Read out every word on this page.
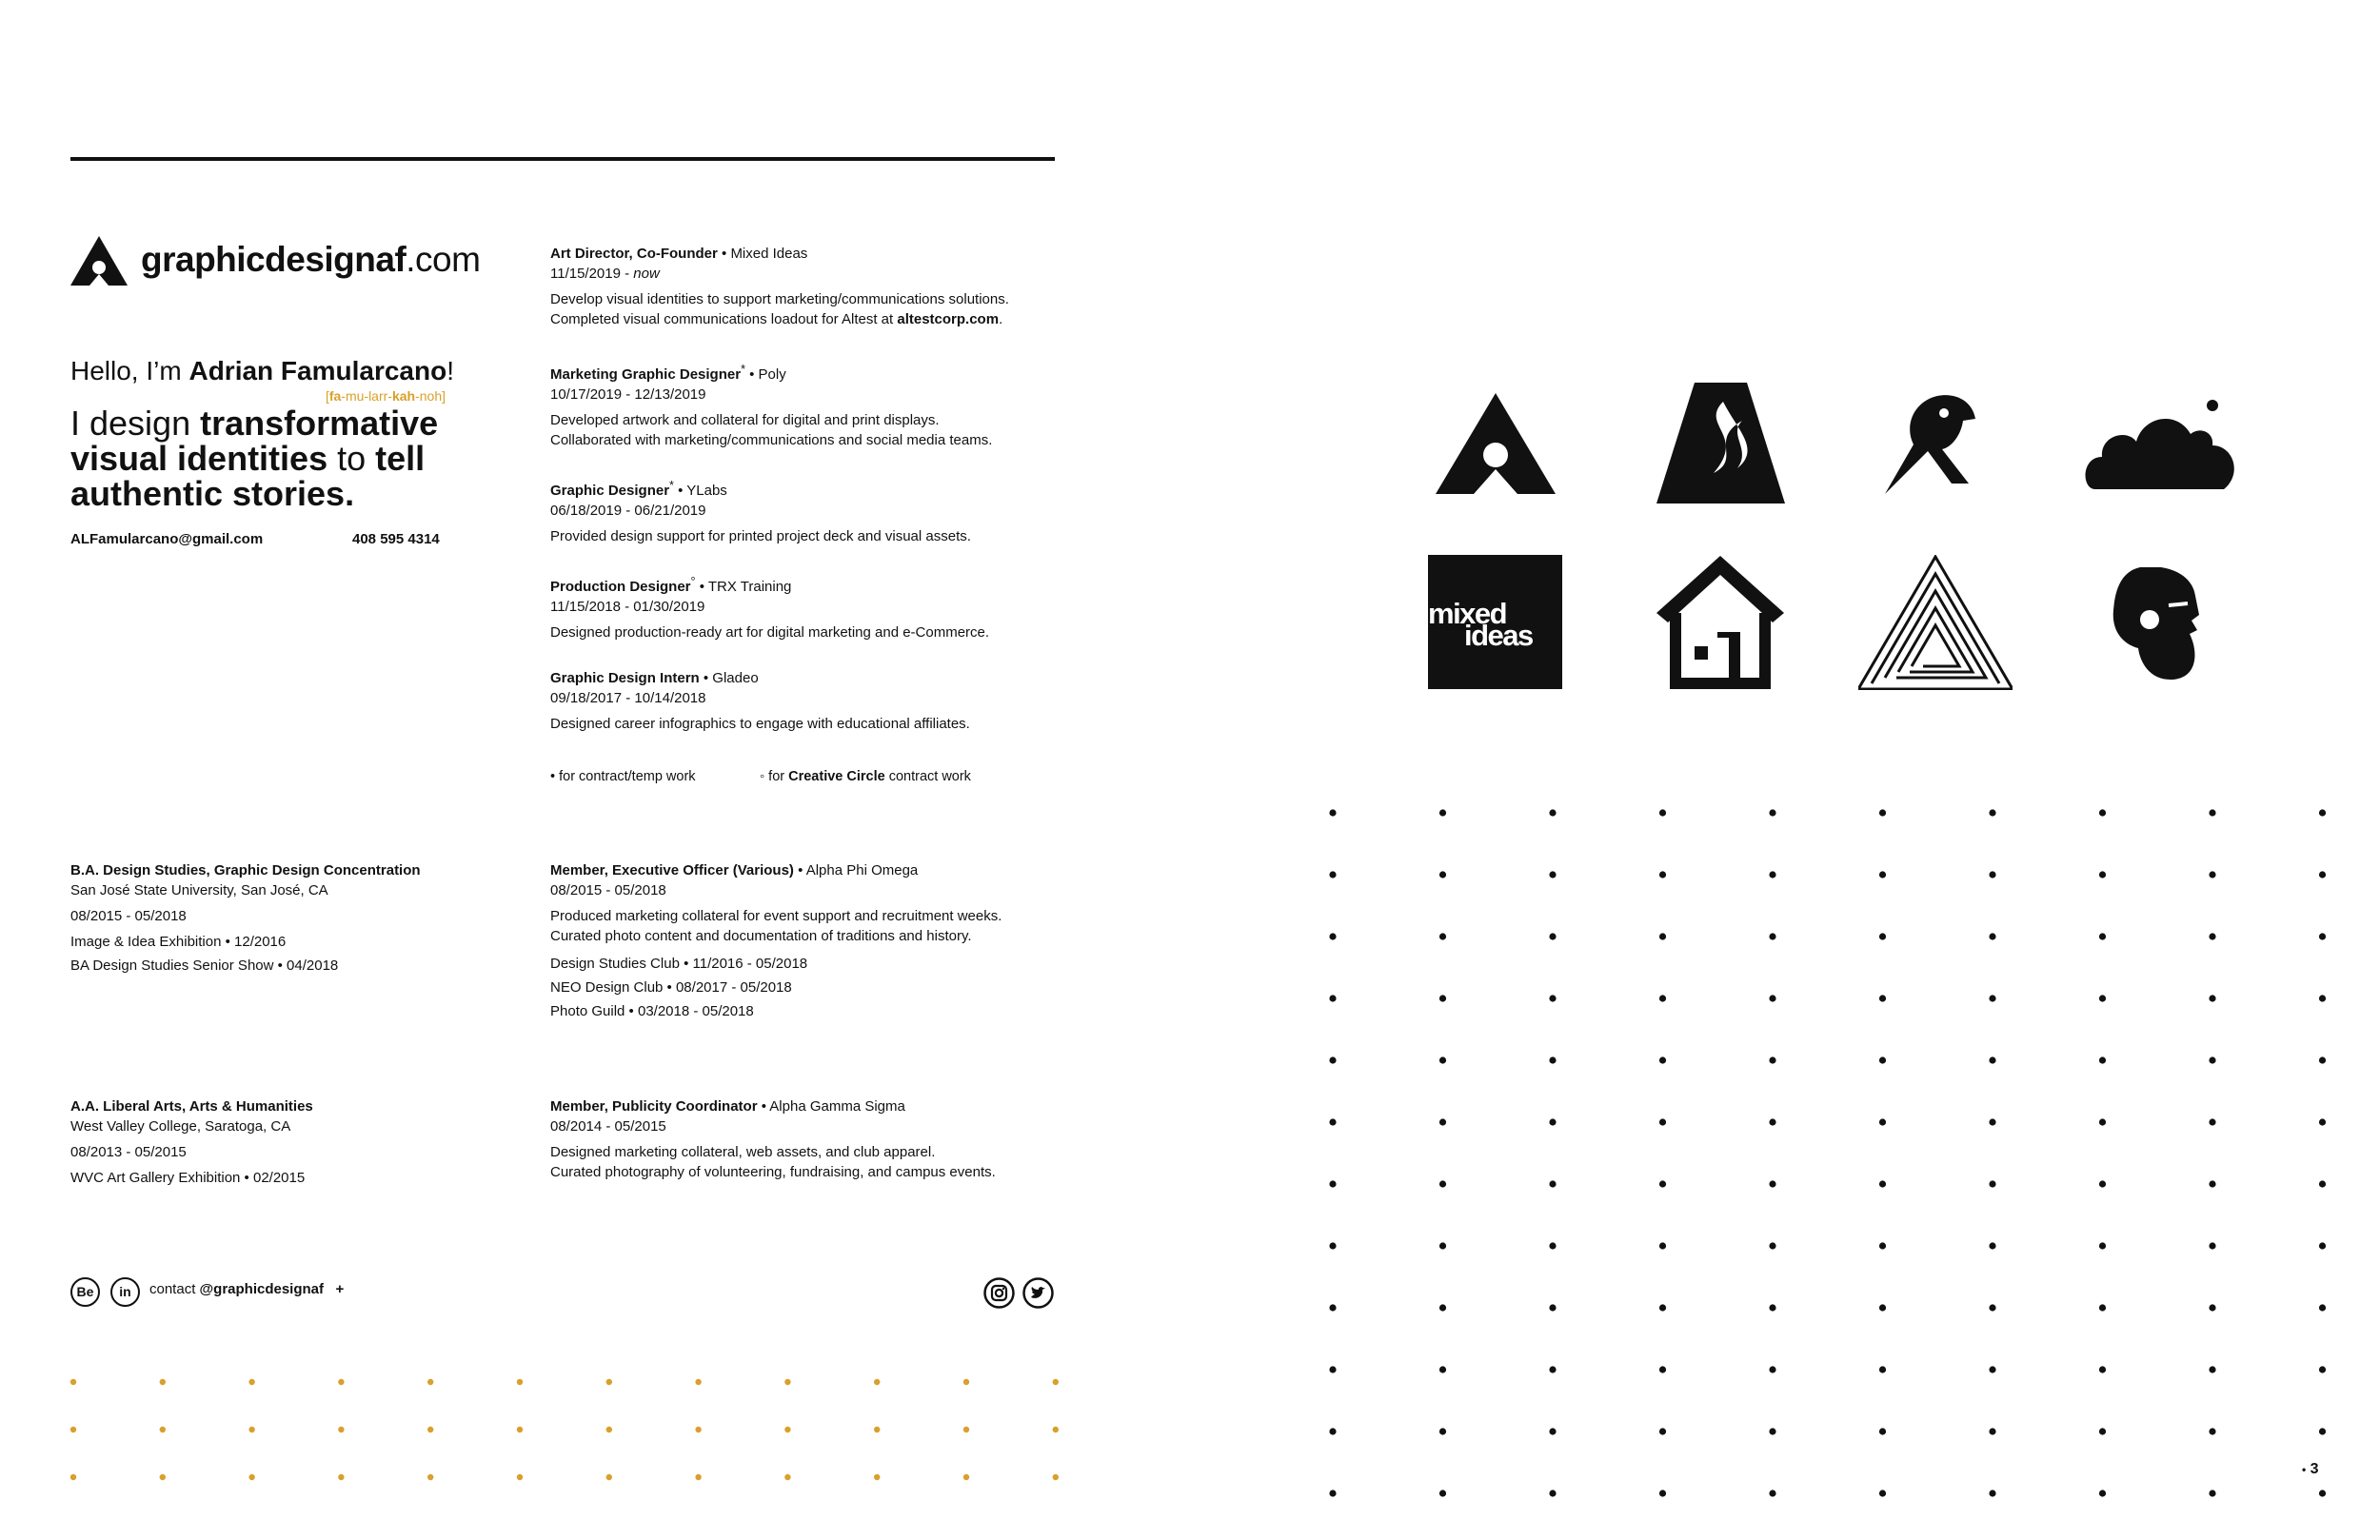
graphicdesignaf.com
Hello, I’m Adrian Famularcano!
[fa-mu-larr-kah-noh]
I design transformative visual identities to tell authentic stories.
ALFamularcano@gmail.com	408 595 4314
Art Director, Co-Founder • Mixed Ideas
11/15/2019 - now
Develop visual identities to support marketing/communications solutions.
Completed visual communications loadout for Altest at altestcorp.com.
Marketing Graphic Designer* • Poly
10/17/2019 - 12/13/2019
Developed artwork and collateral for digital and print displays.
Collaborated with marketing/communications and social media teams.
Graphic Designer* • YLabs
06/18/2019 - 06/21/2019
Provided design support for printed project deck and visual assets.
Production Designer° • TRX Training
11/15/2018 - 01/30/2019
Designed production-ready art for digital marketing and e-Commerce.
Graphic Design Intern • Gladeo
09/18/2017 - 10/14/2018
Designed career infographics to engage with educational affiliates.
• for contract/temp work	◦ for Creative Circle contract work
B.A. Design Studies, Graphic Design Concentration
San José State University, San José, CA
08/2015 - 05/2018
Image & Idea Exhibition • 12/2016
BA Design Studies Senior Show • 04/2018
A.A. Liberal Arts, Arts & Humanities
West Valley College, Saratoga, CA
08/2013 - 05/2015
WVC Art Gallery Exhibition • 02/2015
Member, Executive Officer (Various) • Alpha Phi Omega
08/2015 - 05/2018
Produced marketing collateral for event support and recruitment weeks.
Curated photo content and documentation of traditions and history.
Design Studies Club • 11/2016 - 05/2018
NEO Design Club • 08/2017 - 05/2018
Photo Guild • 03/2018 - 05/2018
Member, Publicity Coordinator • Alpha Gamma Sigma
08/2014 - 05/2015
Designed marketing collateral, web assets, and club apparel.
Curated photography of volunteering, fundraising, and campus events.
Be	in	contact @graphicdesignaf +
mixed
ideas
• 3
